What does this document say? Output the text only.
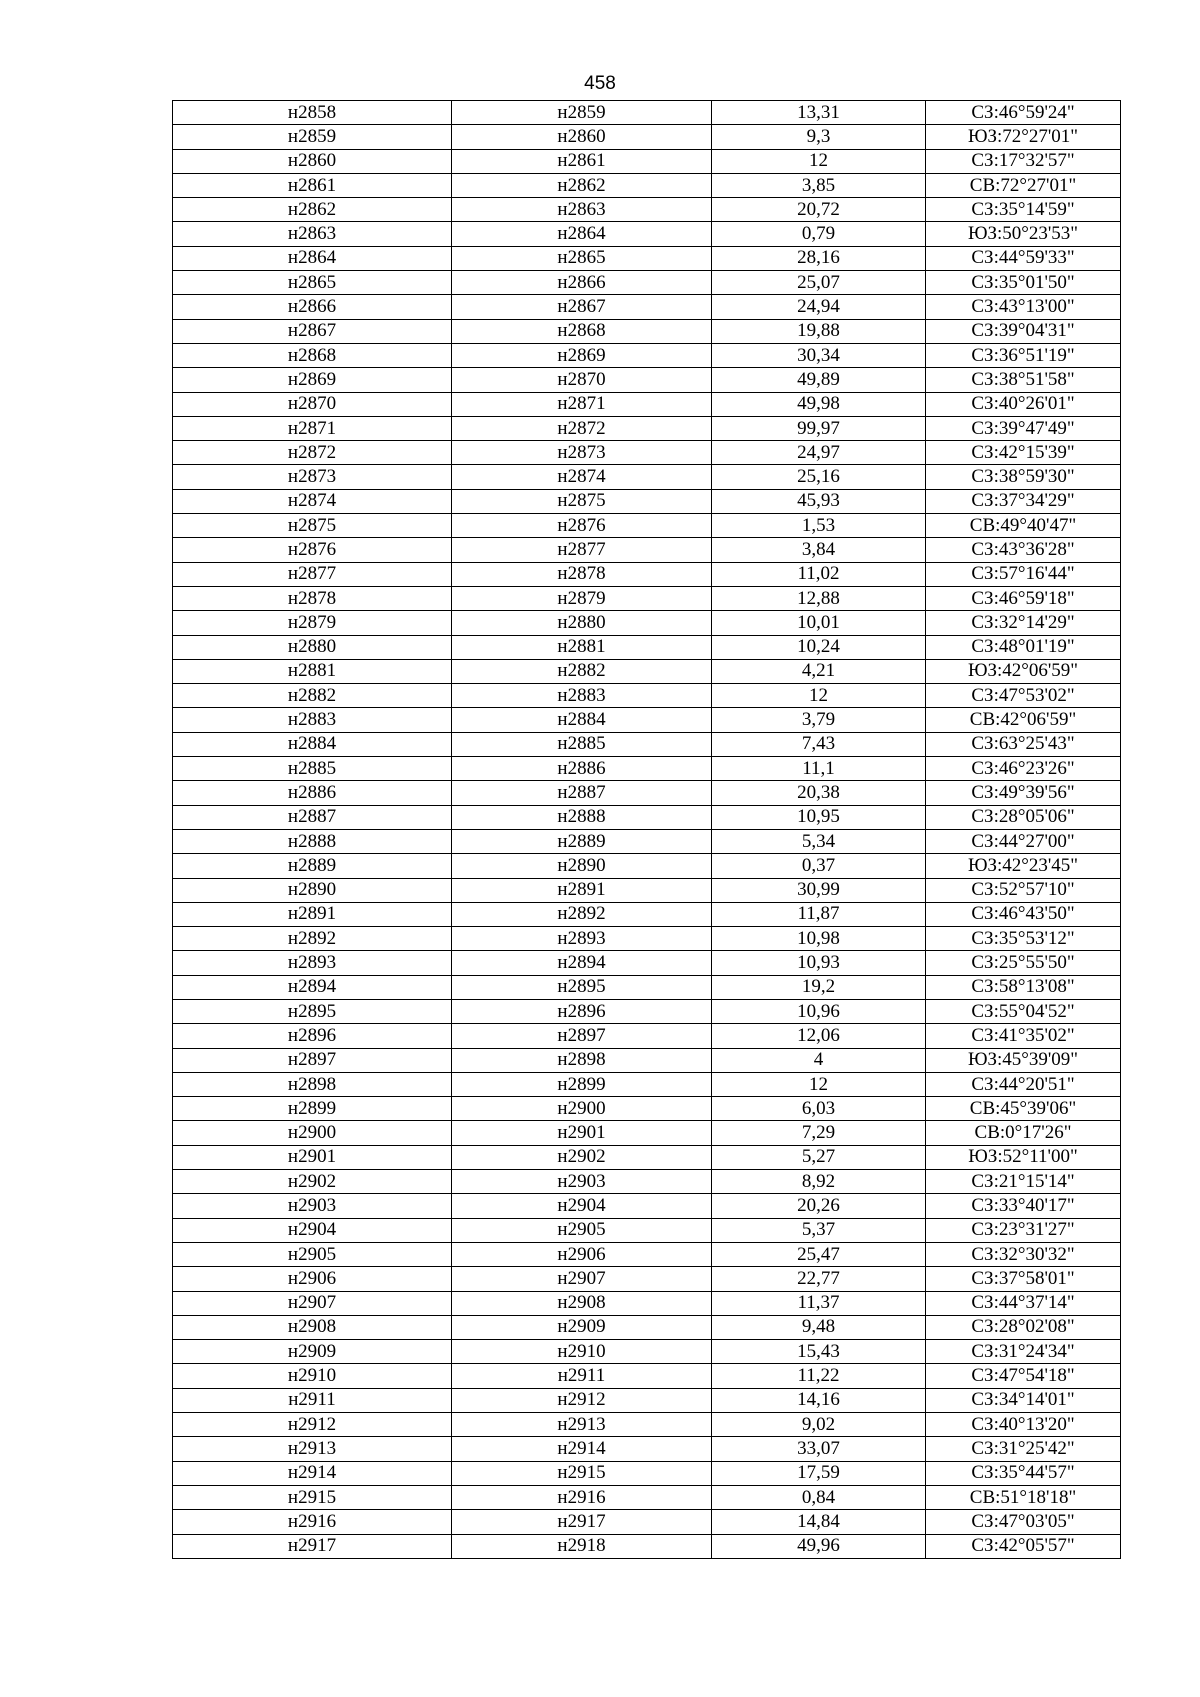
458
н2858	н2859	13,31	СЗ:46°59'24"
н2859	н2860	9,3	ЮЗ:72°27'01"
н2860	н2861	12	СЗ:17°32'57"
н2861	н2862	3,85	СВ:72°27'01"
н2862	н2863	20,72	СЗ:35°14'59"
н2863	н2864	0,79	ЮЗ:50°23'53"
н2864	н2865	28,16	СЗ:44°59'33"
н2865	н2866	25,07	СЗ:35°01'50"
н2866	н2867	24,94	СЗ:43°13'00"
н2867	н2868	19,88	СЗ:39°04'31"
н2868	н2869	30,34	СЗ:36°51'19"
н2869	н2870	49,89	СЗ:38°51'58"
н2870	н2871	49,98	СЗ:40°26'01"
н2871	н2872	99,97	СЗ:39°47'49"
н2872	н2873	24,97	СЗ:42°15'39"
н2873	н2874	25,16	СЗ:38°59'30"
н2874	н2875	45,93	СЗ:37°34'29"
н2875	н2876	1,53	СВ:49°40'47"
н2876	н2877	3,84	СЗ:43°36'28"
н2877	н2878	11,02	СЗ:57°16'44"
н2878	н2879	12,88	СЗ:46°59'18"
н2879	н2880	10,01	СЗ:32°14'29"
н2880	н2881	10,24	СЗ:48°01'19"
н2881	н2882	4,21	ЮЗ:42°06'59"
н2882	н2883	12	СЗ:47°53'02"
н2883	н2884	3,79	СВ:42°06'59"
н2884	н2885	7,43	СЗ:63°25'43"
н2885	н2886	11,1	СЗ:46°23'26"
н2886	н2887	20,38	СЗ:49°39'56"
н2887	н2888	10,95	СЗ:28°05'06"
н2888	н2889	5,34	СЗ:44°27'00"
н2889	н2890	0,37	ЮЗ:42°23'45"
н2890	н2891	30,99	СЗ:52°57'10"
н2891	н2892	11,87	СЗ:46°43'50"
н2892	н2893	10,98	СЗ:35°53'12"
н2893	н2894	10,93	СЗ:25°55'50"
н2894	н2895	19,2	СЗ:58°13'08"
н2895	н2896	10,96	СЗ:55°04'52"
н2896	н2897	12,06	СЗ:41°35'02"
н2897	н2898	4	ЮЗ:45°39'09"
н2898	н2899	12	СЗ:44°20'51"
н2899	н2900	6,03	СВ:45°39'06"
н2900	н2901	7,29	СВ:0°17'26"
н2901	н2902	5,27	ЮЗ:52°11'00"
н2902	н2903	8,92	СЗ:21°15'14"
н2903	н2904	20,26	СЗ:33°40'17"
н2904	н2905	5,37	СЗ:23°31'27"
н2905	н2906	25,47	СЗ:32°30'32"
н2906	н2907	22,77	СЗ:37°58'01"
н2907	н2908	11,37	СЗ:44°37'14"
н2908	н2909	9,48	СЗ:28°02'08"
н2909	н2910	15,43	СЗ:31°24'34"
н2910	н2911	11,22	СЗ:47°54'18"
н2911	н2912	14,16	СЗ:34°14'01"
н2912	н2913	9,02	СЗ:40°13'20"
н2913	н2914	33,07	СЗ:31°25'42"
н2914	н2915	17,59	СЗ:35°44'57"
н2915	н2916	0,84	СВ:51°18'18"
н2916	н2917	14,84	СЗ:47°03'05"
н2917	н2918	49,96	СЗ:42°05'57"
